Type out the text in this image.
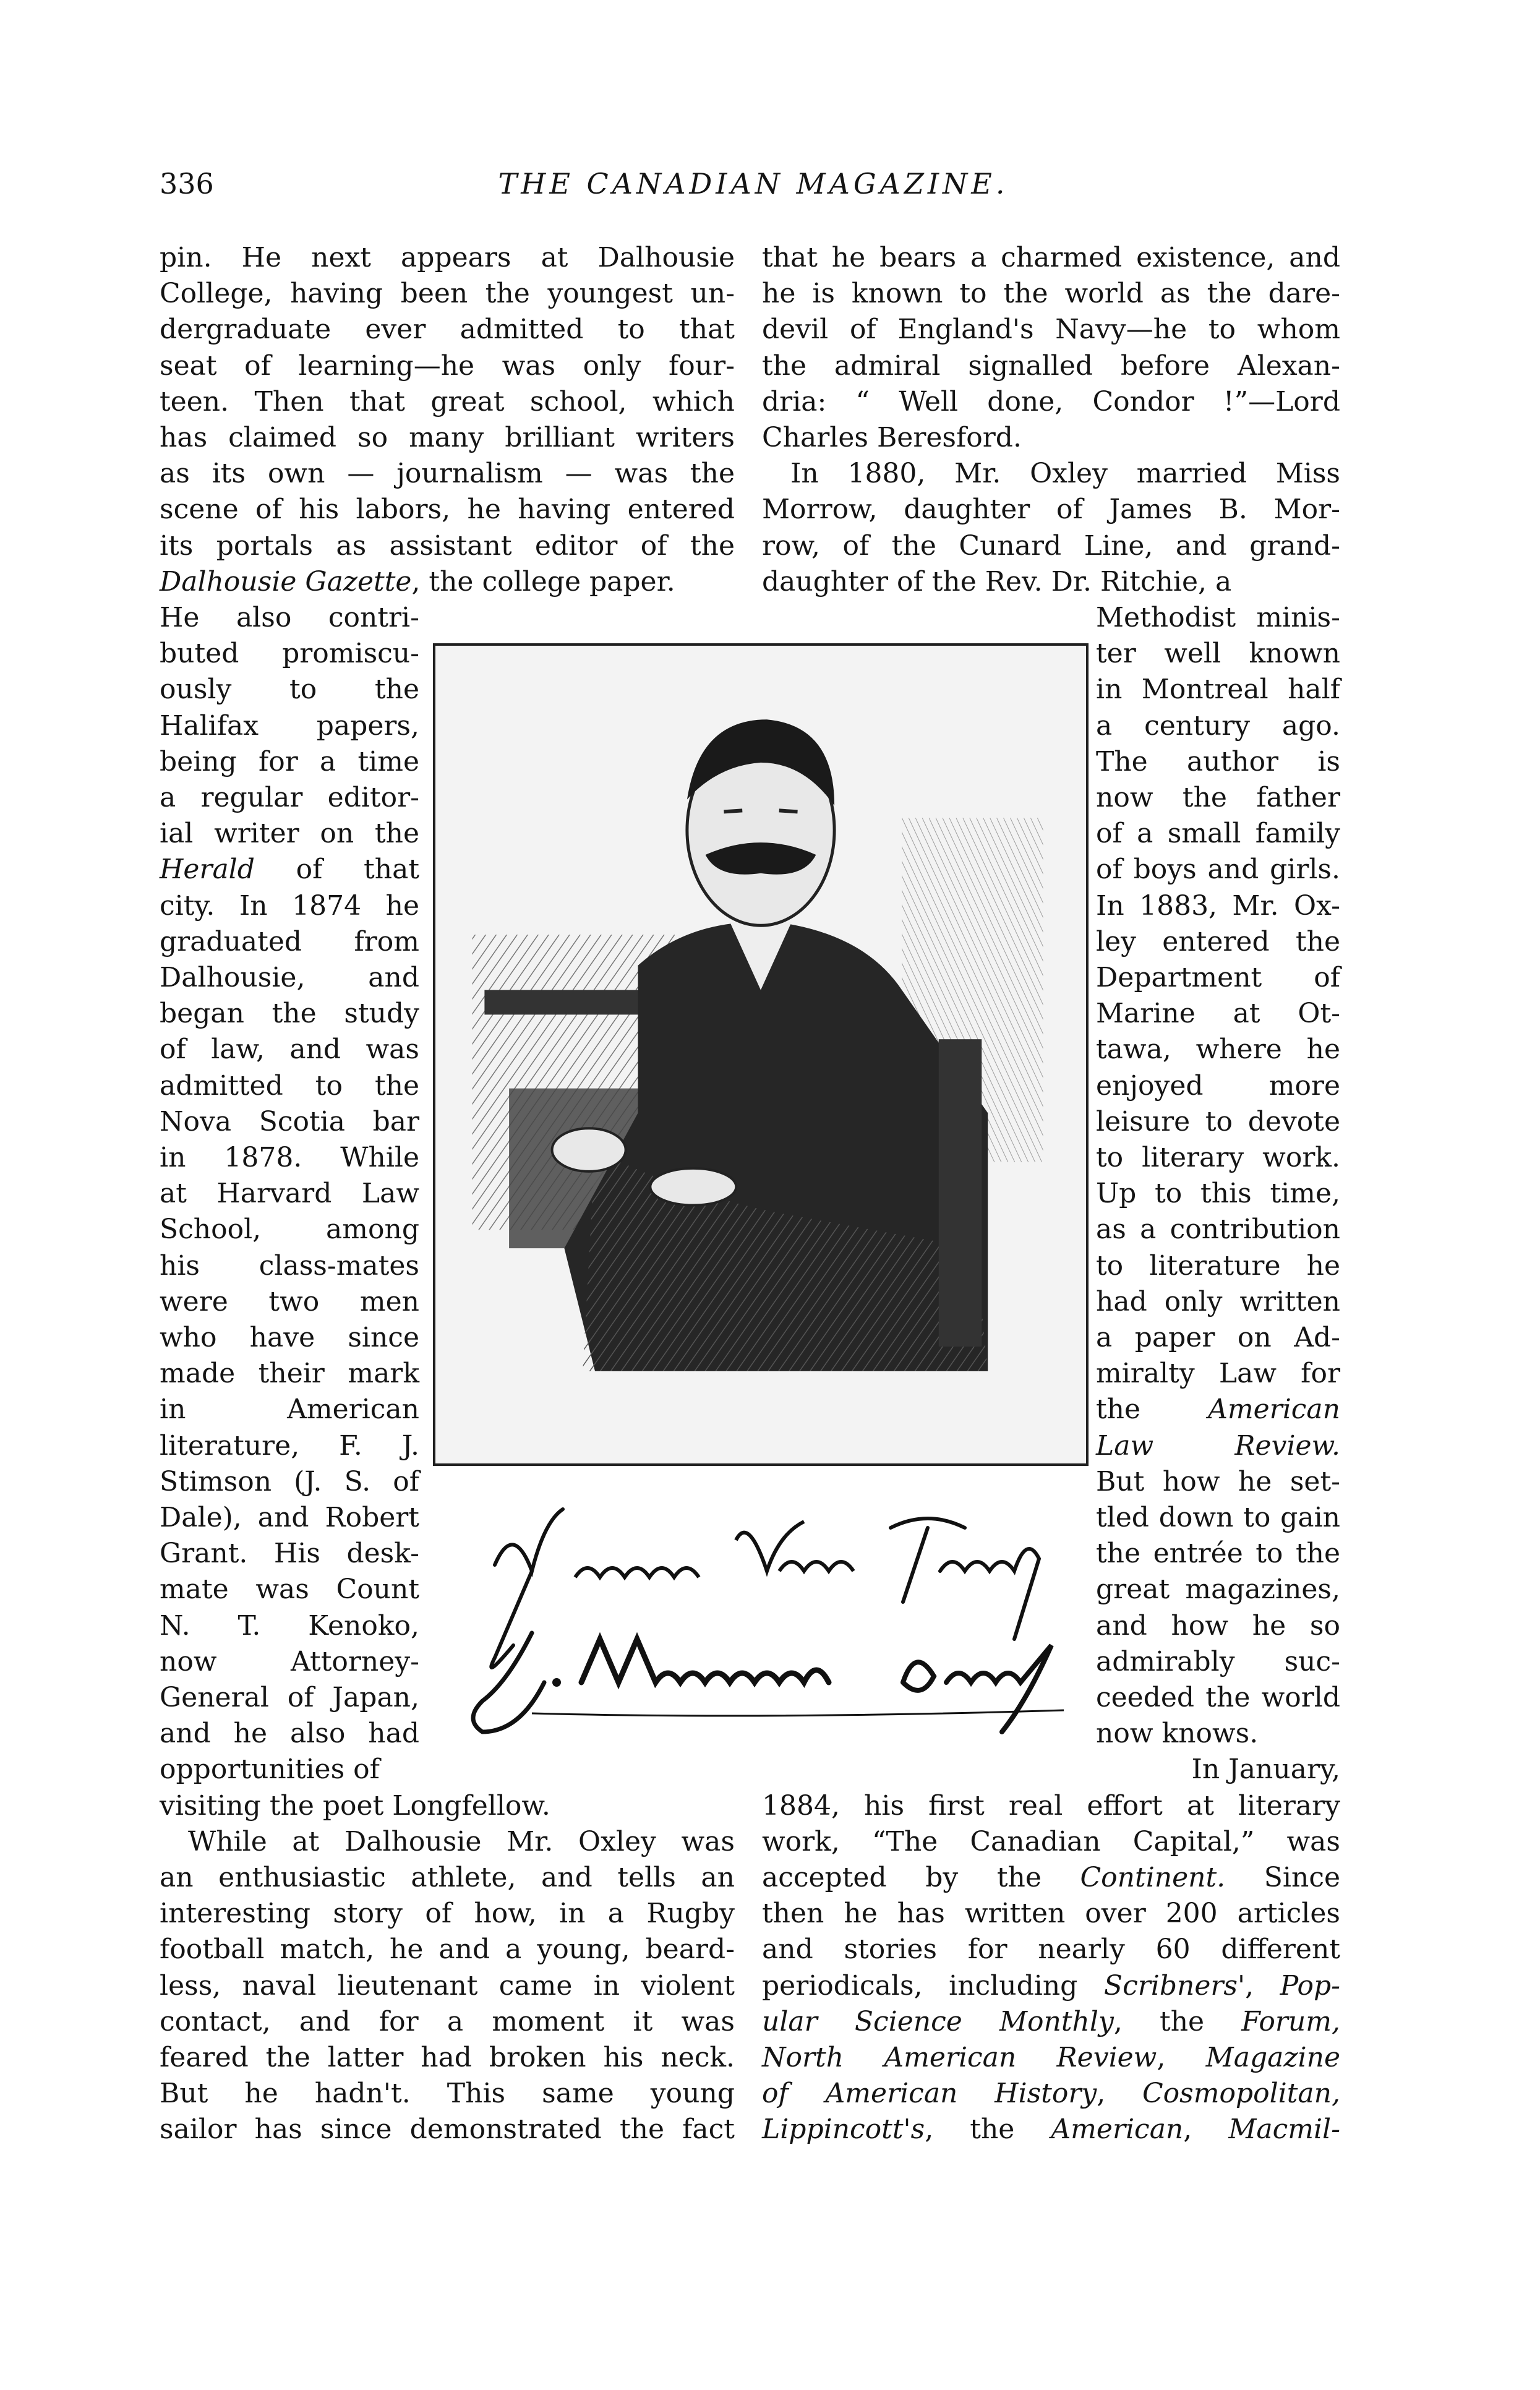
336	THE CANADIAN MAGAZINE.
pin. He next appears at Dalhousie
College, having been the youngest un-
dergraduate ever admitted to that
seat of learning—he was only four-
teen. Then that great school, which
has claimed so many brilliant writers
as its own — journalism — was the
scene of his labors, he having entered
its portals as assistant editor of the
Dalhousie Gazette, the college paper.
He also contri-
buted promiscu-
ously to the
Halifax papers,
being for a time
a regular editor-
ial writer on the
Herald of that
city. In 1874 he
graduated from
Dalhousie, and
began the study
of law, and was
admitted to the
Nova Scotia bar
in 1878. While
at Harvard Law
School, among
his class-mates
were two men
who have since
made their mark
in American
literature, F. J.
Stimson (J. S. of
Dale), and Robert
Grant. His desk-
mate was Count
N. T. Kenoko,
now Attorney-
General of Japan,
and he also had
opportunities of
visiting the poet Longfellow.
While at Dalhousie Mr. Oxley was
an enthusiastic athlete, and tells an
interesting story of how, in a Rugby
football match, he and a young, beard-
less, naval lieutenant came in violent
contact, and for a moment it was
feared the latter had broken his neck.
But he hadn't. This same young
sailor has since demonstrated the fact
that he bears a charmed existence, and
he is known to the world as the dare-
devil of England's Navy—he to whom
the admiral signalled before Alexan-
dria: “ Well done, Condor !”—Lord
Charles Beresford.
In 1880, Mr. Oxley married Miss
Morrow, daughter of James B. Mor-
row, of the Cunard Line, and grand-
daughter of the Rev. Dr. Ritchie, a
Methodist minis-
ter well known
in Montreal half
a century ago.
The author is
now the father
of a small family
of boys and girls.
In 1883, Mr. Ox-
ley entered the
Department of
Marine at Ot-
tawa, where he
enjoyed more
leisure to devote
to literary work.
Up to this time,
as a contribution
to literature he
had only written
a paper on Ad-
miralty Law for
the American
Law Review.
But how he set-
tled down to gain
the entrée to the
great magazines,
and how he so
admirably suc-
ceeded the world
now knows.
In January,
1884, his first real effort at literary
work, “The Canadian Capital,” was
accepted by the Continent. Since
then he has written over 200 articles
and stories for nearly 60 different
periodicals, including Scribners', Pop-
ular Science Monthly, the Forum,
North American Review, Magazine
of American History, Cosmopolitan,
Lippincott's, the American, Macmil-
